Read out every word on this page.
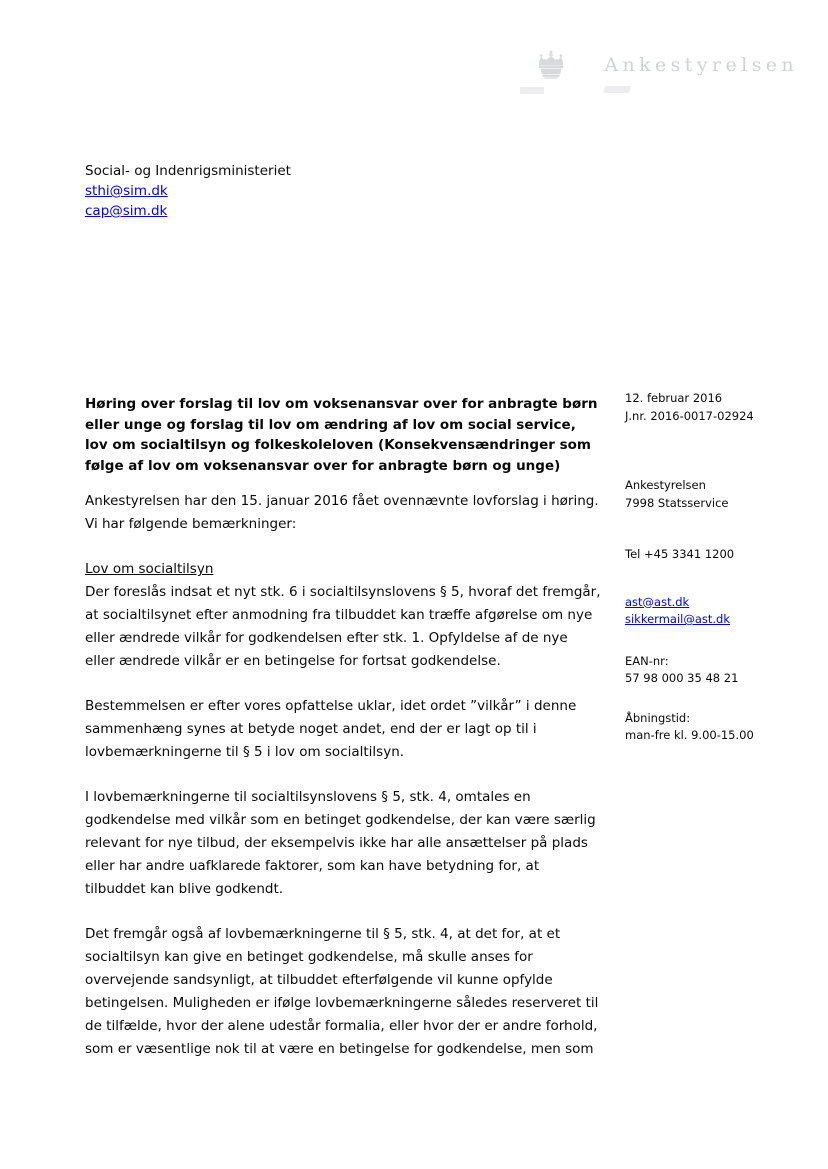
Ankestyrelsen
Social- og Indenrigsministeriet
sthi@sim.dk
cap@sim.dk
Høring over forslag til lov om voksenansvar over for anbragte børn eller unge og forslag til lov om ændring af lov om social service, lov om socialtilsyn og folkeskoleloven (Konsekvensændringer som følge af lov om voksenansvar over for anbragte børn og unge)

Ankestyrelsen har den 15. januar 2016 fået ovennævnte lovforslag i høring. Vi har følgende bemærkninger:

Lov om socialtilsyn

Der foreslås indsat et nyt stk. 6 i socialtilsynslovens § 5, hvoraf det fremgår, at socialtilsynet efter anmodning fra tilbuddet kan træffe afgørelse om nye eller ændrede vilkår for godkendelsen efter stk. 1. Opfyldelse af de nye eller ændrede vilkår er en betingelse for fortsat godkendelse.

Bestemmelsen er efter vores opfattelse uklar, idet ordet ”vilkår” i denne sammenhæng synes at betyde noget andet, end der er lagt op til i lovbemærkningerne til § 5 i lov om socialtilsyn.

I lovbemærkningerne til socialtilsynslovens § 5, stk. 4, omtales en godkendelse med vilkår som en betinget godkendelse, der kan være særlig relevant for nye tilbud, der eksempelvis ikke har alle ansættelser på plads eller har andre uafklarede faktorer, som kan have betydning for, at tilbuddet kan blive godkendt.

Det fremgår også af lovbemærkningerne til § 5, stk. 4, at det for, at et socialtilsyn kan give en betinget godkendelse, må skulle anses for overvejende sandsynligt, at tilbuddet efterfølgende vil kunne opfylde betingelsen. Muligheden er ifølge lovbemærkningerne således reserveret til de tilfælde, hvor der alene udestår formalia, eller hvor der er andre forhold, som er væsentlige nok til at være en betingelse for godkendelse, men som

12. februar 2016
J.nr. 2016-0017-02924
Ankestyrelsen
7998 Statsservice
Tel +45 3341 1200
ast@ast.dk
sikkermail@ast.dk
EAN-nr:
57 98 000 35 48 21
Åbningstid:
man-fre kl. 9.00-15.00
